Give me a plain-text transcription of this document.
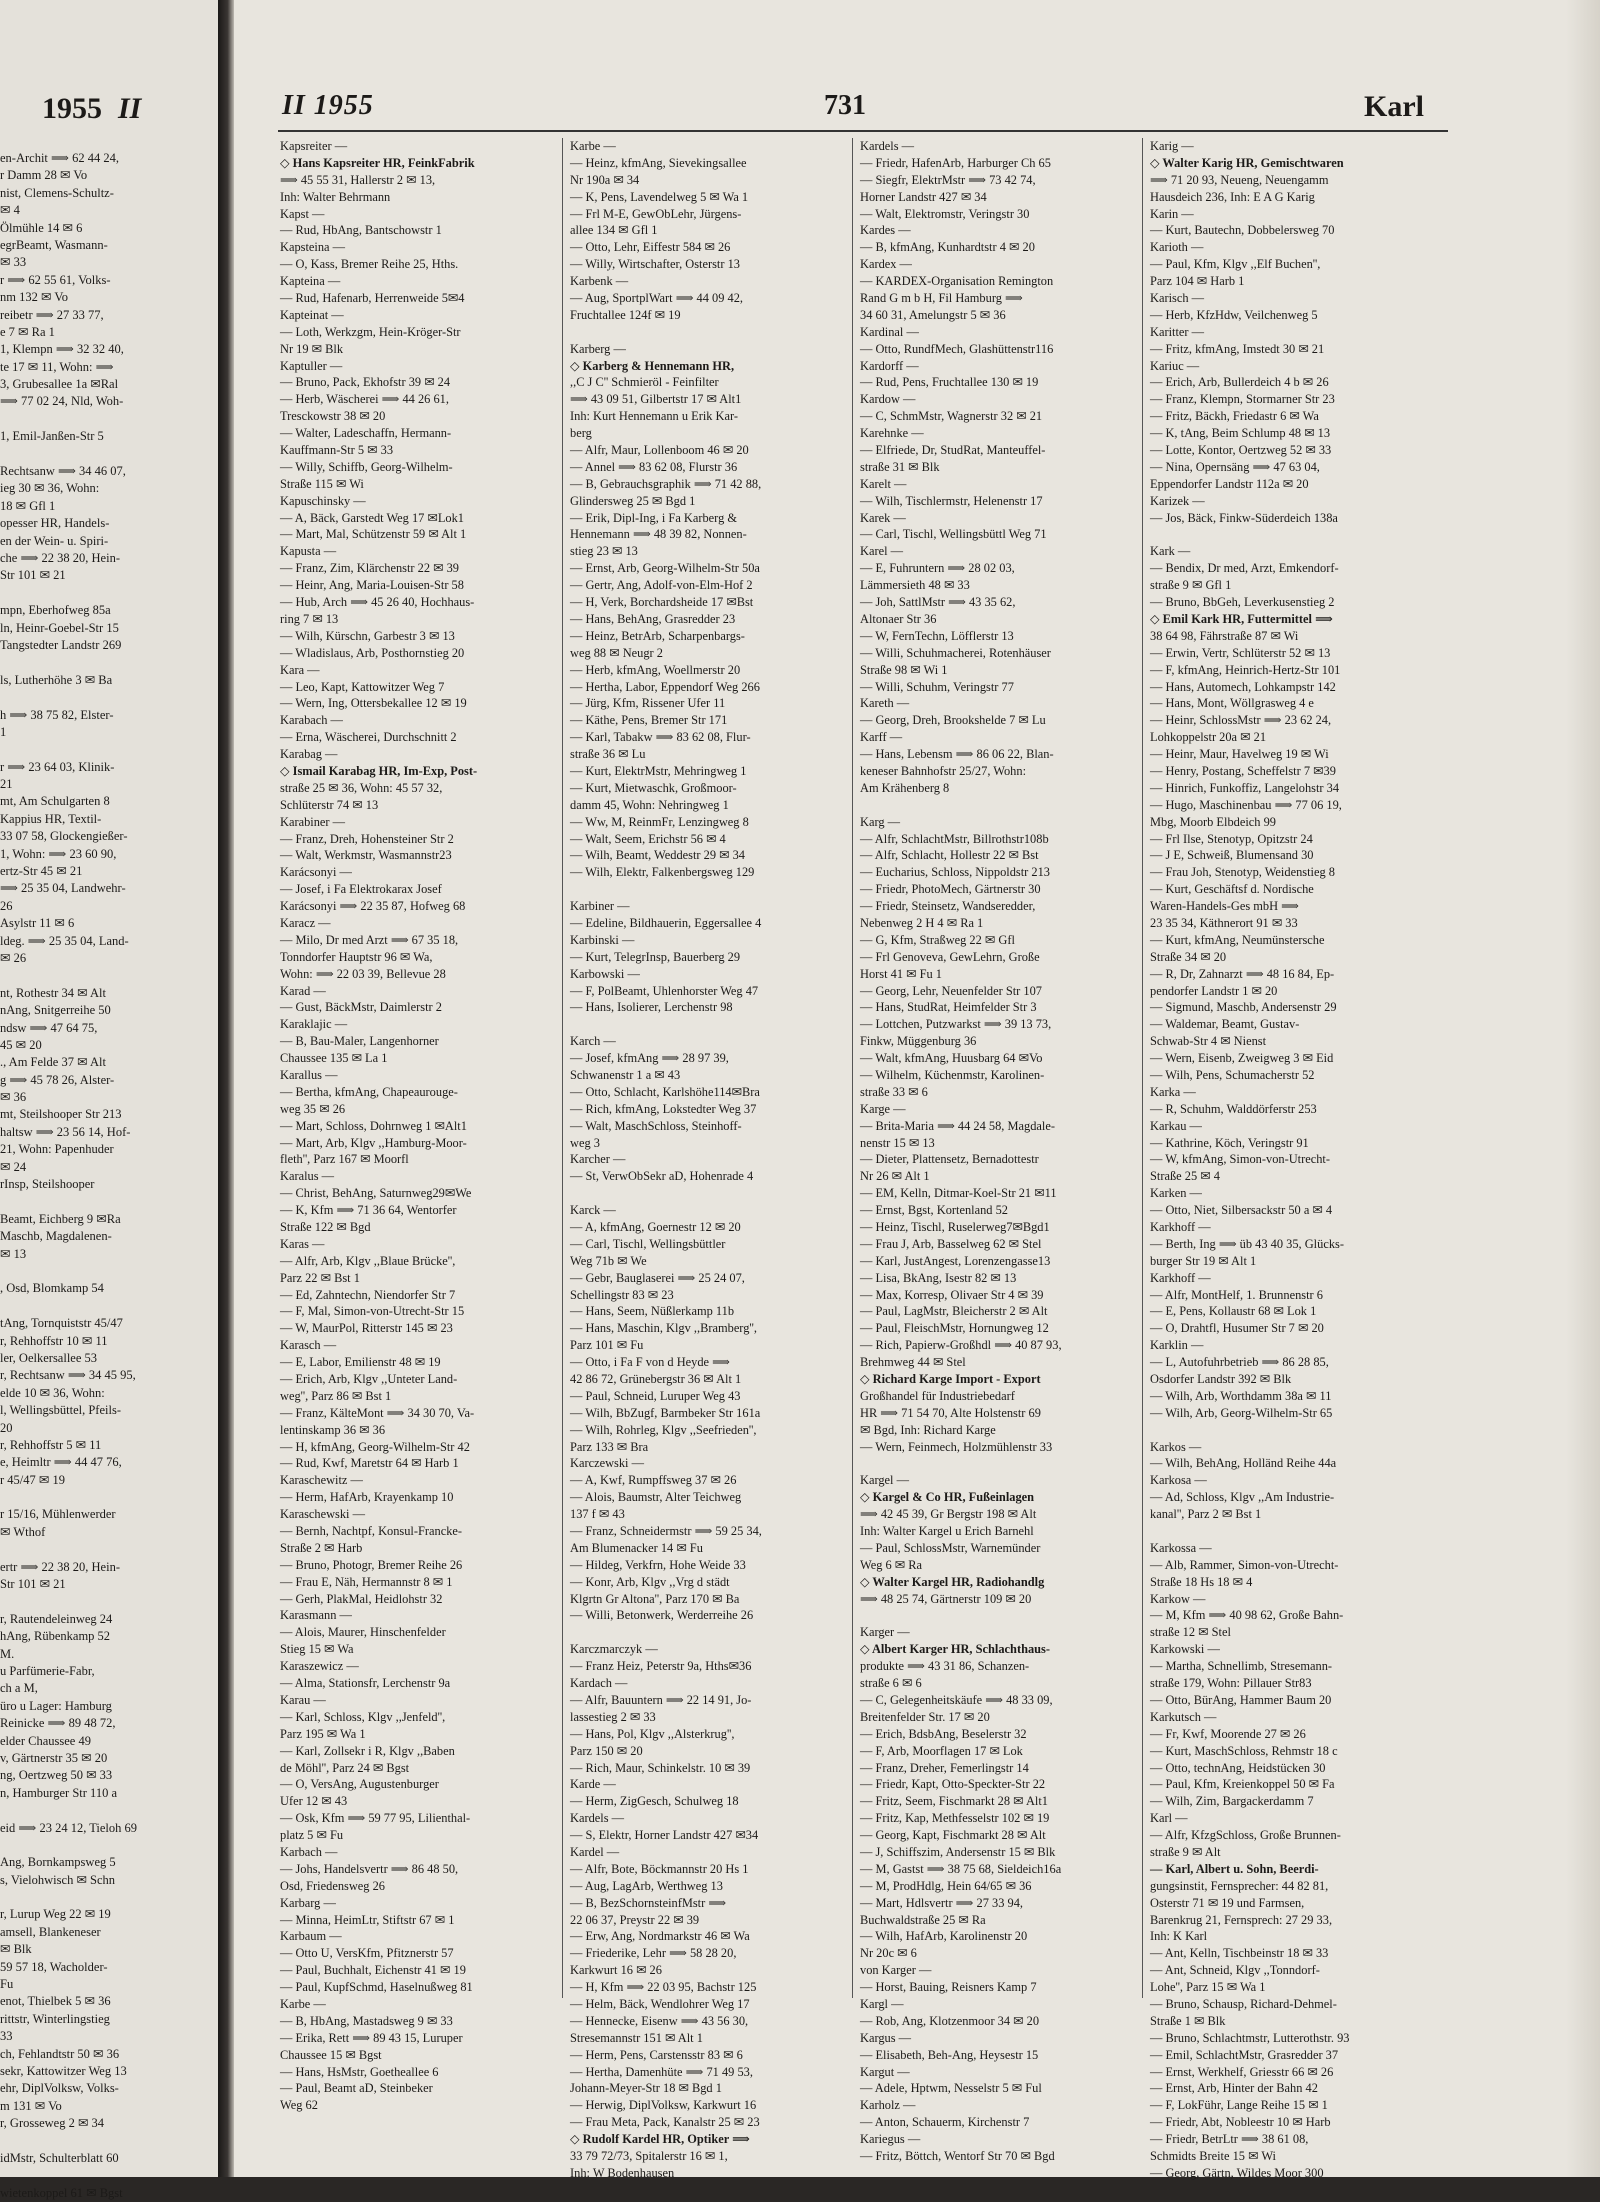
1955 II
en-Archit ⟹ 62 44 24,
r Damm 28 ✉ Vo
nist, Clemens-Schultz-
✉ 4
Ölmühle 14 ✉ 6
egrBeamt, Wasmann-
✉ 33
r ⟹ 62 55 61, Volks-
nm 132 ✉ Vo
reibetr ⟹ 27 33 77,
e 7 ✉ Ra 1
1, Klempn ⟹ 32 32 40,
te 17 ✉ 11, Wohn: ⟹
3, Grubesallee 1a ✉Ral
⟹ 77 02 24, Nld, Woh-
1, Emil-Janßen-Str 5
Rechtsanw ⟹ 34 46 07,
ieg 30 ✉ 36, Wohn:
18 ✉ Gfl 1
opesser HR, Handels-
en der Wein- u. Spiri-
che ⟹ 22 38 20, Hein-
Str 101 ✉ 21
mpn, Eberhofweg 85a
ln, Heinr-Goebel-Str 15
Tangstedter Landstr 269
ls, Lutherhöhe 3 ✉ Ba
h ⟹ 38 75 82, Elster-
1
r ⟹ 23 64 03, Klinik-
21
mt, Am Schulgarten 8
Kappius HR, Textil-
33 07 58, Glockengießer-
1, Wohn: ⟹ 23 60 90,
ertz-Str 45 ✉ 21
⟹ 25 35 04, Landwehr-
26
Asylstr 11 ✉ 6
ldeg. ⟹ 25 35 04, Land-
✉ 26
nt, Rothestr 34 ✉ Alt
nAng, Snitgerreihe 50
ndsw ⟹ 47 64 75,
45 ✉ 20
., Am Felde 37 ✉ Alt
g ⟹ 45 78 26, Alster-
✉ 36
mt, Steilshooper Str 213
haltsw ⟹ 23 56 14, Hof-
21, Wohn: Papenhuder
✉ 24
rInsp, Steilshooper
Beamt, Eichberg 9 ✉Ra
Maschb, Magdalenen-
✉ 13
, Osd, Blomkamp 54
tAng, Tornquiststr 45/47
r, Rehhoffstr 10 ✉ 11
ler, Oelkersallee 53
r, Rechtsanw ⟹ 34 45 95,
elde 10 ✉ 36, Wohn:
l, Wellingsbüttel, Pfeils-
20
r, Rehhoffstr 5 ✉ 11
e, Heimltr ⟹ 44 47 76,
r 45/47 ✉ 19
r 15/16, Mühlenwerder
✉ Wthof
ertr ⟹ 22 38 20, Hein-
Str 101 ✉ 21
r, Rautendeleinweg 24
hAng, Rübenkamp 52
M.
u Parfümerie-Fabr,
ch a M,
üro u Lager: Hamburg
Reinicke ⟹ 89 48 72,
elder Chaussee 49
v, Gärtnerstr 35 ✉ 20
ng, Oertzweg 50 ✉ 33
n, Hamburger Str 110 a
eid ⟹ 23 24 12, Tieloh 69
Ang, Bornkampsweg 5
s, Vielohwisch ✉ Schn
r, Lurup Weg 22 ✉ 19
amsell, Blankeneser
✉ Blk
59 57 18, Wacholder-
Fu
enot, Thielbek 5 ✉ 36
rittstr, Winterlingstieg
33
ch, Fehlandtstr 50 ✉ 36
sekr, Kattowitzer Weg 13
ehr, DiplVolksw, Volks-
m 131 ✉ Vo
r, Grosseweg 2 ✉ 34
idMstr, Schulterblatt 60
wietenkoppel 61 ✉ Bgst
II 1955	731	Karl
Kapsreiter —
◇ Hans Kapsreiter HR, FeinkFabrik
⟹ 45 55 31, Hallerstr 2 ✉ 13,
Inh: Walter Behrmann
Kapst —
— Rud, HbAng, Bantschowstr 1
Kapsteina —
— O, Kass, Bremer Reihe 25, Hths.
Kapteina —
— Rud, Hafenarb, Herrenweide 5✉4
Kapteinat —
— Loth, Werkzgm, Hein-Kröger-Str
Nr 19 ✉ Blk
Kaptuller —
— Bruno, Pack, Ekhofstr 39 ✉ 24
— Herb, Wäscherei ⟹ 44 26 61,
Tresckowstr 38 ✉ 20
— Walter, Ladeschaffn, Hermann-
Kauffmann-Str 5 ✉ 33
— Willy, Schiffb, Georg-Wilhelm-
Straße 115 ✉ Wi
Kapuschinsky —
— A, Bäck, Garstedt Weg 17 ✉Lok1
— Mart, Mal, Schützenstr 59 ✉ Alt 1
Kapusta —
— Franz, Zim, Klärchenstr 22 ✉ 39
— Heinr, Ang, Maria-Louisen-Str 58
— Hub, Arch ⟹ 45 26 40, Hochhaus-
ring 7 ✉ 13
— Wilh, Kürschn, Garbestr 3 ✉ 13
— Wladislaus, Arb, Posthornstieg 20
Kara —
— Leo, Kapt, Kattowitzer Weg 7
— Wern, Ing, Ottersbekallee 12 ✉ 19
Karabach —
— Erna, Wäscherei, Durchschnitt 2
Karabag —
◇ Ismail Karabag HR, Im-Exp, Post-
straße 25 ✉ 36, Wohn: 45 57 32,
Schlüterstr 74 ✉ 13
Karabiner —
— Franz, Dreh, Hohensteiner Str 2
— Walt, Werkmstr, Wasmannstr23
Karácsonyi —
— Josef, i Fa Elektrokarax Josef
Karácsonyi ⟹ 22 35 87, Hofweg 68
Karacz —
— Milo, Dr med Arzt ⟹ 67 35 18,
Tonndorfer Hauptstr 96 ✉ Wa,
Wohn: ⟹ 22 03 39, Bellevue 28
Karad —
— Gust, BäckMstr, Daimlerstr 2
Karaklajic —
— B, Bau-Maler, Langenhorner
Chaussee 135 ✉ La 1
Karallus —
— Bertha, kfmAng, Chapeaurouge-
weg 35 ✉ 26
— Mart, Schloss, Dohrnweg 1 ✉Alt1
— Mart, Arb, Klgv ,,Hamburg-Moor-
fleth'', Parz 167 ✉ Moorfl
Karalus —
— Christ, BehAng, Saturnweg29✉We
— K, Kfm ⟹ 71 36 64, Wentorfer
Straße 122 ✉ Bgd
Karas —
— Alfr, Arb, Klgv ,,Blaue Brücke'',
Parz 22 ✉ Bst 1
— Ed, Zahntechn, Niendorfer Str 7
— F, Mal, Simon-von-Utrecht-Str 15
— W, MaurPol, Ritterstr 145 ✉ 23
Karasch —
— E, Labor, Emilienstr 48 ✉ 19
— Erich, Arb, Klgv ,,Unteter Land-
weg'', Parz 86 ✉ Bst 1
— Franz, KälteMont ⟹ 34 30 70, Va-
lentinskamp 36 ✉ 36
— H, kfmAng, Georg-Wilhelm-Str 42
— Rud, Kwf, Maretstr 64 ✉ Harb 1
Karaschewitz —
— Herm, HafArb, Krayenkamp 10
Karaschewski —
— Bernh, Nachtpf, Konsul-Francke-
Straße 2 ✉ Harb
— Bruno, Photogr, Bremer Reihe 26
— Frau E, Näh, Hermannstr 8 ✉ 1
— Gerh, PlakMal, Heidlohstr 32
Karasmann —
— Alois, Maurer, Hinschenfelder
Stieg 15 ✉ Wa
Karaszewicz —
— Alma, Stationsfr, Lerchenstr 9a
Karau —
— Karl, Schloss, Klgv ,,Jenfeld'',
Parz 195 ✉ Wa 1
— Karl, Zollsekr i R, Klgv ,,Baben
de Möhl'', Parz 24 ✉ Bgst
— O, VersAng, Augustenburger
Ufer 12 ✉ 43
— Osk, Kfm ⟹ 59 77 95, Lilienthal-
platz 5 ✉ Fu
Karbach —
— Johs, Handelsvertr ⟹ 86 48 50,
Osd, Friedensweg 26
Karbarg —
— Minna, HeimLtr, Stiftstr 67 ✉ 1
Karbaum —
— Otto U, VersKfm, Pfitznerstr 57
— Paul, Buchhalt, Eichenstr 41 ✉ 19
— Paul, KupfSchmd, Haselnußweg 81
Karbe —
— B, HbAng, Mastadsweg 9 ✉ 33
— Erika, Rett ⟹ 89 43 15, Luruper
Chaussee 15 ✉ Bgst
— Hans, HsMstr, Goetheallee 6
— Paul, Beamt aD, Steinbeker
Weg 62
Karbe —
— Heinz, kfmAng, Sievekingsallee
Nr 190a ✉ 34
— K, Pens, Lavendelweg 5 ✉ Wa 1
— Frl M-E, GewObLehr, Jürgens-
allee 134 ✉ Gfl 1
— Otto, Lehr, Eiffestr 584 ✉ 26
— Willy, Wirtschafter, Osterstr 13
Karbenk —
— Aug, SportplWart ⟹ 44 09 42,
Fruchtallee 124f ✉ 19
Karberg —
◇ Karberg & Hennemann HR,
,,C J C'' Schmieröl - Feinfilter
⟹ 43 09 51, Gilbertstr 17 ✉ Alt1
Inh: Kurt Hennemann u Erik Kar-
berg
— Alfr, Maur, Lollenboom 46 ✉ 20
— Annel ⟹ 83 62 08, Flurstr 36
— B, Gebrauchsgraphik ⟹ 71 42 88,
Glindersweg 25 ✉ Bgd 1
— Erik, Dipl-Ing, i Fa Karberg &
Hennemann ⟹ 48 39 82, Nonnen-
stieg 23 ✉ 13
— Ernst, Arb, Georg-Wilhelm-Str 50a
— Gertr, Ang, Adolf-von-Elm-Hof 2
— H, Verk, Borchardsheide 17 ✉Bst
— Hans, BehAng, Grasredder 23
— Heinz, BetrArb, Scharpenbargs-
weg 88 ✉ Neugr 2
— Herb, kfmAng, Woellmerstr 20
— Hertha, Labor, Eppendorf Weg 266
— Jürg, Kfm, Rissener Ufer 11
— Käthe, Pens, Bremer Str 171
— Karl, Tabakw ⟹ 83 62 08, Flur-
straße 36 ✉ Lu
— Kurt, ElektrMstr, Mehringweg 1
— Kurt, Mietwaschk, Großmoor-
damm 45, Wohn: Nehringweg 1
— Ww, M, ReinmFr, Lenzingweg 8
— Walt, Seem, Erichstr 56 ✉ 4
— Wilh, Beamt, Weddestr 29 ✉ 34
— Wilh, Elektr, Falkenbergsweg 129
Karbiner —
— Edeline, Bildhauerin, Eggersallee 4
Karbinski —
— Kurt, TelegrInsp, Bauerberg 29
Karbowski —
— F, PolBeamt, Uhlenhorster Weg 47
— Hans, Isolierer, Lerchenstr 98
Karch —
— Josef, kfmAng ⟹ 28 97 39,
Schwanenstr 1 a ✉ 43
— Otto, Schlacht, Karlshöhe114✉Bra
— Rich, kfmAng, Lokstedter Weg 37
— Walt, MaschSchloss, Steinhoff-
weg 3
Karcher —
— St, VerwObSekr aD, Hohenrade 4
Karck —
— A, kfmAng, Goernestr 12 ✉ 20
— Carl, Tischl, Wellingsbüttler
Weg 71b ✉ We
— Gebr, Bauglaserei ⟹ 25 24 07,
Schellingstr 83 ✉ 23
— Hans, Seem, Nüßlerkamp 11b
— Hans, Maschin, Klgv ,,Bramberg'',
Parz 101 ✉ Fu
— Otto, i Fa F von d Heyde ⟹
42 86 72, Grünebergstr 36 ✉ Alt 1
— Paul, Schneid, Luruper Weg 43
— Wilh, BbZugf, Barmbeker Str 161a
— Wilh, Rohrleg, Klgv ,,Seefrieden'',
Parz 133 ✉ Bra
Karczewski —
— A, Kwf, Rumpffsweg 37 ✉ 26
— Alois, Baumstr, Alter Teichweg
137 f ✉ 43
— Franz, Schneidermstr ⟹ 59 25 34,
Am Blumenacker 14 ✉ Fu
— Hildeg, Verkfrn, Hohe Weide 33
— Konr, Arb, Klgv ,,Vrg d städt
Klgrtn Gr Altona'', Parz 170 ✉ Ba
— Willi, Betonwerk, Werderreihe 26
Karczmarczyk —
— Franz Heiz, Peterstr 9a, Hths✉36
Kardach —
— Alfr, Bauuntern ⟹ 22 14 91, Jo-
lassestieg 2 ✉ 33
— Hans, Pol, Klgv ,,Alsterkrug'',
Parz 150 ✉ 20
— Rich, Maur, Schinkelstr. 10 ✉ 39
Karde —
— Herm, ZigGesch, Schulweg 18
Kardels —
— S, Elektr, Horner Landstr 427 ✉34
Kardel —
— Alfr, Bote, Böckmannstr 20 Hs 1
— Aug, LagArb, Werthweg 13
— B, BezSchornsteinfMstr ⟹
22 06 37, Preystr 22 ✉ 39
— Erw, Ang, Nordmarkstr 46 ✉ Wa
— Friederike, Lehr ⟹ 58 28 20,
Karkwurt 16 ✉ 26
— H, Kfm ⟹ 22 03 95, Bachstr 125
— Helm, Bäck, Wendlohrer Weg 17
— Hennecke, Eisenw ⟹ 43 56 30,
Stresemannstr 151 ✉ Alt 1
— Herm, Pens, Carstensstr 83 ✉ 6
— Hertha, Damenhüte ⟹ 71 49 53,
Johann-Meyer-Str 18 ✉ Bgd 1
— Herwig, DiplVolksw, Karkwurt 16
— Frau Meta, Pack, Kanalstr 25 ✉ 23
◇ Rudolf Kardel HR, Optiker ⟹
33 79 72/73, Spitalerstr 16 ✉ 1,
Inh: W Bodenhausen
Kardels —
— Friedr, HafenArb, Harburger Ch 65
— Siegfr, ElektrMstr ⟹ 73 42 74,
Horner Landstr 427 ✉ 34
— Walt, Elektromstr, Veringstr 30
Kardes —
— B, kfmAng, Kunhardtstr 4 ✉ 20
Kardex —
— KARDEX-Organisation Remington
Rand G m b H, Fil Hamburg ⟹
34 60 31, Amelungstr 5 ✉ 36
Kardinal —
— Otto, RundfMech, Glashüttenstr116
Kardorff —
— Rud, Pens, Fruchtallee 130 ✉ 19
Kardow —
— C, SchmMstr, Wagnerstr 32 ✉ 21
Karehnke —
— Elfriede, Dr, StudRat, Manteuffel-
straße 31 ✉ Blk
Karelt —
— Wilh, Tischlermstr, Helenenstr 17
Karek —
— Carl, Tischl, Wellingsbüttl Weg 71
Karel —
— E, Fuhruntern ⟹ 28 02 03,
Lämmersieth 48 ✉ 33
— Joh, SattlMstr ⟹ 43 35 62,
Altonaer Str 36
— W, FernTechn, Löfflerstr 13
— Willi, Schuhmacherei, Rotenhäuser
Straße 98 ✉ Wi 1
— Willi, Schuhm, Veringstr 77
Kareth —
— Georg, Dreh, Brookshelde 7 ✉ Lu
Karff —
— Hans, Lebensm ⟹ 86 06 22, Blan-
keneser Bahnhofstr 25/27, Wohn:
Am Krähenberg 8
Karg —
— Alfr, SchlachtMstr, Billrothstr108b
— Alfr, Schlacht, Hollestr 22 ✉ Bst
— Eucharius, Schloss, Nippoldstr 213
— Friedr, PhotoMech, Gärtnerstr 30
— Friedr, Steinsetz, Wandseredder,
Nebenweg 2 H 4 ✉ Ra 1
— G, Kfm, Straßweg 22 ✉ Gfl
— Frl Genoveva, GewLehrn, Große
Horst 41 ✉ Fu 1
— Georg, Lehr, Neuenfelder Str 107
— Hans, StudRat, Heimfelder Str 3
— Lottchen, Putzwarkst ⟹ 39 13 73,
Finkw, Müggenburg 36
— Walt, kfmAng, Huusbarg 64 ✉Vo
— Wilhelm, Küchenmstr, Karolinen-
straße 33 ✉ 6
Karge —
— Brita-Maria ⟹ 44 24 58, Magdale-
nenstr 15 ✉ 13
— Dieter, Plattensetz, Bernadottestr
Nr 26 ✉ Alt 1
— EM, Kelln, Ditmar-Koel-Str 21 ✉11
— Ernst, Bgst, Kortenland 52
— Heinz, Tischl, Ruselerweg7✉Bgd1
— Frau J, Arb, Basselweg 62 ✉ Stel
— Karl, JustAngest, Lorenzengasse13
— Lisa, BkAng, Isestr 82 ✉ 13
— Max, Korresp, Olivaer Str 4 ✉ 39
— Paul, LagMstr, Bleicherstr 2 ✉ Alt
— Paul, FleischMstr, Hornungweg 12
— Rich, Papierw-Großhdl ⟹ 40 87 93,
Brehmweg 44 ✉ Stel
◇ Richard Karge Import - Export
Großhandel für Industriebedarf
HR ⟹ 71 54 70, Alte Holstenstr 69
✉ Bgd, Inh: Richard Karge
— Wern, Feinmech, Holzmühlenstr 33
Kargel —
◇ Kargel & Co HR, Fußeinlagen
⟹ 42 45 39, Gr Bergstr 198 ✉ Alt
Inh: Walter Kargel u Erich Barnehl
— Paul, SchlossMstr, Warnemünder
Weg 6 ✉ Ra
◇ Walter Kargel HR, Radiohandlg
⟹ 48 25 74, Gärtnerstr 109 ✉ 20
Karger —
◇ Albert Karger HR, Schlachthaus-
produkte ⟹ 43 31 86, Schanzen-
straße 6 ✉ 6
— C, Gelegenheitskäufe ⟹ 48 33 09,
Breitenfelder Str. 17 ✉ 20
— Erich, BdsbAng, Beselerstr 32
— F, Arb, Moorflagen 17 ✉ Lok
— Franz, Dreher, Femerlingstr 14
— Friedr, Kapt, Otto-Speckter-Str 22
— Fritz, Seem, Fischmarkt 28 ✉ Alt1
— Fritz, Kap, Methfesselstr 102 ✉ 19
— Georg, Kapt, Fischmarkt 28 ✉ Alt
— J, Schiffszim, Andersenstr 15 ✉ Blk
— M, Gastst ⟹ 38 75 68, Sieldeich16a
— M, ProdHdlg, Hein 64/65 ✉ 36
— Mart, Hdlsvertr ⟹ 27 33 94,
Buchwaldstraße 25 ✉ Ra
— Wilh, HafArb, Karolinenstr 20
Nr 20c ✉ 6
von Karger —
— Horst, Bauing, Reisners Kamp 7
Kargl —
— Rob, Ang, Klotzenmoor 34 ✉ 20
Kargus —
— Elisabeth, Beh-Ang, Heysestr 15
Kargut —
— Adele, Hptwm, Nesselstr 5 ✉ Ful
Karholz —
— Anton, Schauerm, Kirchenstr 7
Kariegus —
— Fritz, Böttch, Wentorf Str 70 ✉ Bgd
Karig —
◇ Walter Karig HR, Gemischtwaren
⟹ 71 20 93, Neueng, Neuengamm
Hausdeich 236, Inh: E A G Karig
Karin —
— Kurt, Bautechn, Dobbelersweg 70
Karioth —
— Paul, Kfm, Klgv ,,Elf Buchen'',
Parz 104 ✉ Harb 1
Karisch —
— Herb, KfzHdw, Veilchenweg 5
Karitter —
— Fritz, kfmAng, Imstedt 30 ✉ 21
Kariuc —
— Erich, Arb, Bullerdeich 4 b ✉ 26
— Franz, Klempn, Stormarner Str 23
— Fritz, Bäckh, Friedastr 6 ✉ Wa
— K, tAng, Beim Schlump 48 ✉ 13
— Lotte, Kontor, Oertzweg 52 ✉ 33
— Nina, Opernsäng ⟹ 47 63 04,
Eppendorfer Landstr 112a ✉ 20
Karizek —
— Jos, Bäck, Finkw-Süderdeich 138a
Kark —
— Bendix, Dr med, Arzt, Emkendorf-
straße 9 ✉ Gfl 1
— Bruno, BbGeh, Leverkusenstieg 2
◇ Emil Kark HR, Futtermittel ⟹
38 64 98, Fährstraße 87 ✉ Wi
— Erwin, Vertr, Schlüterstr 52 ✉ 13
— F, kfmAng, Heinrich-Hertz-Str 101
— Hans, Automech, Lohkampstr 142
— Hans, Mont, Wöllgrasweg 4 e
— Heinr, SchlossMstr ⟹ 23 62 24,
Lohkoppelstr 20a ✉ 21
— Heinr, Maur, Havelweg 19 ✉ Wi
— Henry, Postang, Scheffelstr 7 ✉39
— Hinrich, Funkoffiz, Langelohstr 34
— Hugo, Maschinenbau ⟹ 77 06 19,
Mbg, Moorb Elbdeich 99
— Frl Ilse, Stenotyp, Opitzstr 24
— J E, Schweiß, Blumensand 30
— Frau Joh, Stenotyp, Weidenstieg 8
— Kurt, Geschäftsf d. Nordische
Waren-Handels-Ges mbH ⟹
23 35 34, Käthnerort 91 ✉ 33
— Kurt, kfmAng, Neumünstersche
Straße 34 ✉ 20
— R, Dr, Zahnarzt ⟹ 48 16 84, Ep-
pendorfer Landstr 1 ✉ 20
— Sigmund, Maschb, Andersenstr 29
— Waldemar, Beamt, Gustav-
Schwab-Str 4 ✉ Nienst
— Wern, Eisenb, Zweigweg 3 ✉ Eid
— Wilh, Pens, Schumacherstr 52
Karka —
— R, Schuhm, Walddörferstr 253
Karkau —
— Kathrine, Köch, Veringstr 91
— W, kfmAng, Simon-von-Utrecht-
Straße 25 ✉ 4
Karken —
— Otto, Niet, Silbersackstr 50 a ✉ 4
Karkhoff —
— Berth, Ing ⟹ üb 43 40 35, Glücks-
burger Str 19 ✉ Alt 1
Karkhoff —
— Alfr, MontHelf, 1. Brunnenstr 6
— E, Pens, Kollaustr 68 ✉ Lok 1
— O, Drahtfl, Husumer Str 7 ✉ 20
Karklin —
— L, Autofuhrbetrieb ⟹ 86 28 85,
Osdorfer Landstr 392 ✉ Blk
— Wilh, Arb, Worthdamm 38a ✉ 11
— Wilh, Arb, Georg-Wilhelm-Str 65
Karkos —
— Wilh, BehAng, Holländ Reihe 44a
Karkosa —
— Ad, Schloss, Klgv ,,Am Industrie-
kanal'', Parz 2 ✉ Bst 1
Karkossa —
— Alb, Rammer, Simon-von-Utrecht-
Straße 18 Hs 18 ✉ 4
Karkow —
— M, Kfm ⟹ 40 98 62, Große Bahn-
straße 12 ✉ Stel
Karkowski —
— Martha, Schnellimb, Stresemann-
straße 179, Wohn: Pillauer Str83
— Otto, BürAng, Hammer Baum 20
Karkutsch —
— Fr, Kwf, Moorende 27 ✉ 26
— Kurt, MaschSchloss, Rehmstr 18 c
— Otto, technAng, Heidstücken 30
— Paul, Kfm, Kreienkoppel 50 ✉ Fa
— Wilh, Zim, Bargackerdamm 7
Karl —
— Alfr, KfzgSchloss, Große Brunnen-
straße 9 ✉ Alt
— Karl, Albert u. Sohn, Beerdi-
gungsinstit, Fernsprecher: 44 82 81,
Osterstr 71 ✉ 19 und Farmsen,
Barenkrug 21, Fernsprech: 27 29 33,
Inh: K Karl
— Ant, Kelln, Tischbeinstr 18 ✉ 33
— Ant, Schneid, Klgv ,,Tonndorf-
Lohe'', Parz 15 ✉ Wa 1
— Bruno, Schausp, Richard-Dehmel-
Straße 1 ✉ Blk
— Bruno, Schlachtmstr, Lutterothstr. 93
— Emil, SchlachtMstr, Grasredder 37
— Ernst, Werkhelf, Griesstr 66 ✉ 26
— Ernst, Arb, Hinter der Bahn 42
— F, LokFühr, Lange Reihe 15 ✉ 1
— Friedr, Abt, Nobleestr 10 ✉ Harb
— Friedr, BetrLtr ⟹ 38 61 08,
Schmidts Breite 15 ✉ Wi
— Georg, Gärtn, Wildes Moor 300
